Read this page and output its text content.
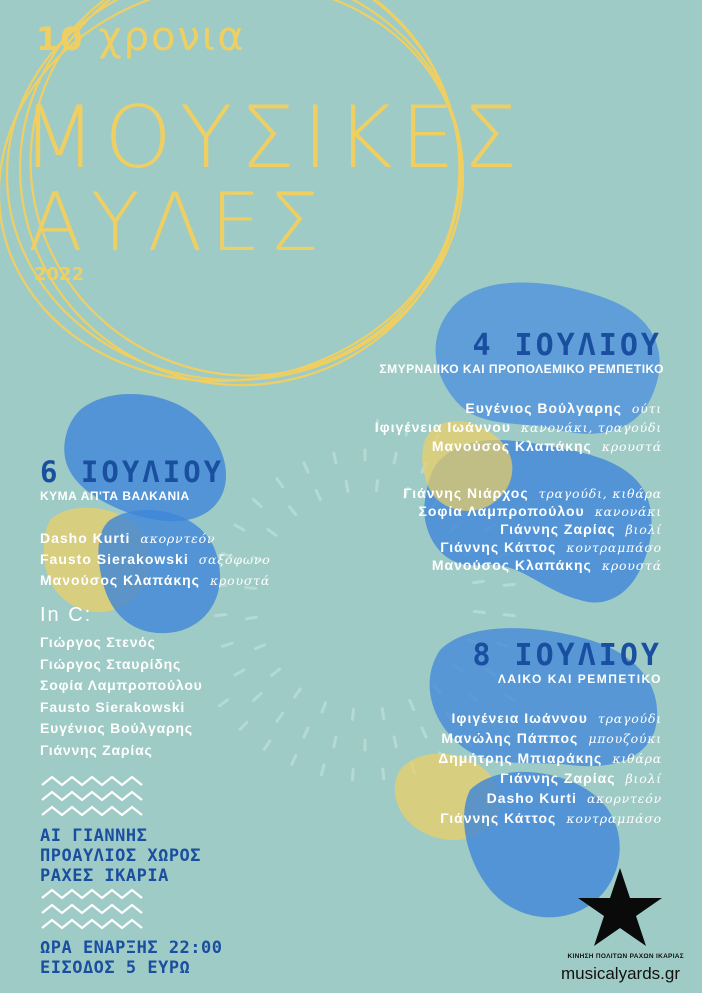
10 χρονια
ΜΟΥΣΙΚΕΣ
ΑΥΛΕΣ
2022
4 ΙΟΥΛΙΟΥ
ΣΜΥΡΝΑΙΙΚΟ ΚΑΙ ΠΡΟΠΟΛΕΜΙΚΟ ΡΕΜΠΕΤΙΚΟ
Ευγένιος Βούλγαρης ούτι
Ιφιγένεια Ιωάννου κανονάκι, τραγούδι
Μανούσος Κλαπάκης κρουστά
Γιάννης Νιάρχος τραγούδι, κιθάρα
Σοφία Λαμπροπούλου κανονάκι
Γιάννης Ζαρίας βιολί
Γιάννης Κάττος κοντραμπάσο
Μανούσος Κλαπάκης κρουστά
6 ΙΟΥΛΙΟΥ
ΚΥΜΑ ΑΠ'ΤΑ ΒΑΛΚΑΝΙΑ
Dasho Kurti ακορντεόν
Fausto Sierakowski σαξόφωνο
Μανούσος Κλαπάκης κρουστά
In C:
Γιώργος Στενός
Γιώργος Σταυρίδης
Σοφία Λαμπροπούλου
Fausto Sierakowski
Ευγένιος Βούλγαρης
Γιάννης Ζαρίας
8 ΙΟΥΛΙΟΥ
ΛΑΙΚΟ ΚΑΙ ΡΕΜΠΕΤΙΚΟ
Ιφιγένεια Ιωάννου τραγούδι
Μανώλης Πάππος μπουζούκι
Δημήτρης Μπιαράκης κιθάρα
Γιάννης Ζαρίας βιολί
Dasho Kurti ακορντεόν
Γιάννης Κάττος κοντραμπάσο
ΑΙ ΓΙΑΝΝΗΣ
ΠΡΟΑΥΛΙΟΣ ΧΩΡΟΣ
ΡΑΧΕΣ ΙΚΑΡΙΑ
ΩΡΑ ΕΝΑΡΞΗΣ 22:00
ΕΙΣΟΔΟΣ 5 ΕΥΡΩ
ΚΙΝΗΣΗ ΠΟΛΙΤΩΝ ΡΑΧΩΝ ΙΚΑΡΙΑΣ
musicalyards.gr
